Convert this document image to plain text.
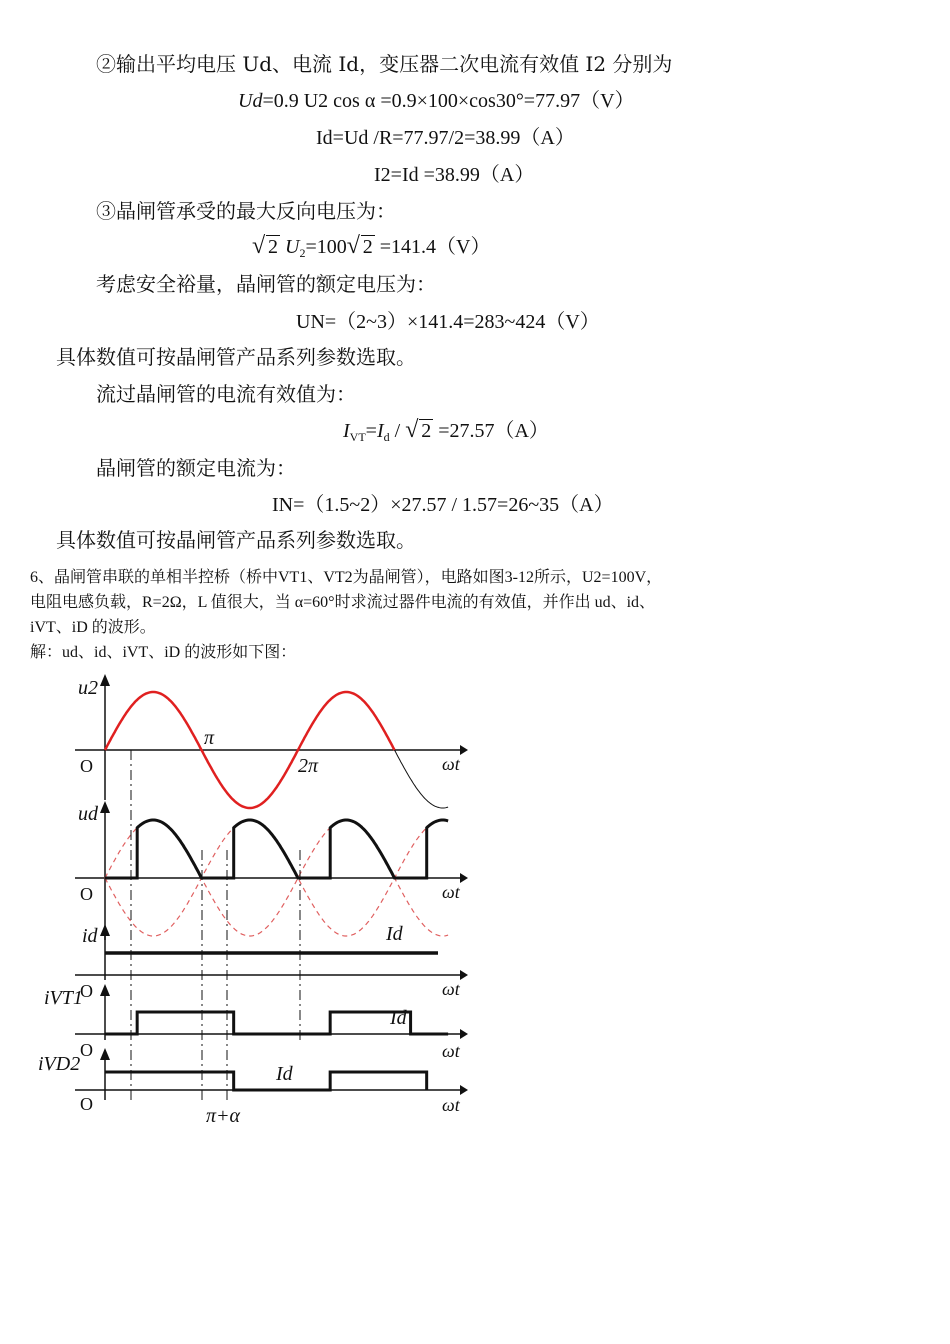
②输出平均电压 Ud、电流 Id，变压器二次电流有效值 I2 分别为
Ud=0.9 U2 cos α =0.9×100×cos30°=77.97（V）
Id=Ud /R=77.97/2=38.99（A）
I2=Id =38.99（A）
③晶闸管承受的最大反向电压为：
√ 2 $U_2=100√$ 2 =141.4（V）
考虑安全裕量，晶闸管的额定电压为：
UN=（2~3）×141.4=283~424（V）
具体数值可按晶闸管产品系列参数选取。
流过晶闸管的电流有效值为：
$I_{VT}=I_d$ / √ 2 =27.57（A）
晶闸管的额定电流为：
IN=（1.5~2）×27.57 / 1.57=26~35（A）
具体数值可按晶闸管产品系列参数选取。
6、晶闸管串联的单相半控桥（桥中VT1、VT2为晶闸管），电路如图3-12所示，U2=100V，
电阻电感负载，R=2Ω，L 值很大，当 α=60°时求流过器件电流的有效值，并作出 ud、id、
iVT、iD 的波形。
解：ud、id、iVT、iD 的波形如下图：
u2
O
π
2π	ωt
ud
O	ωt
id	Id
O	ωt
iVT1
Id
O	ωt
iVD2	Id
O	ωt
π+α
